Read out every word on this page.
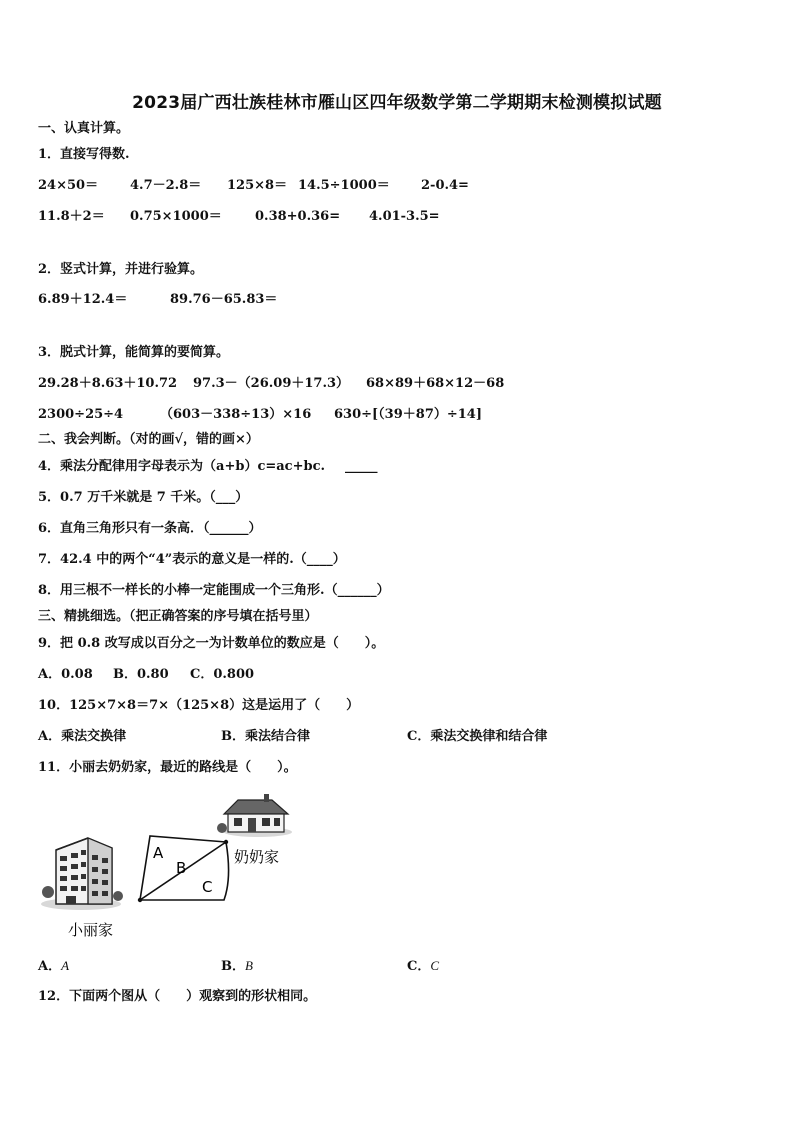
2023届广西壮族桂林市雁山区四年级数学第二学期期末检测模拟试题
一、认真计算。
1．直接写得数.
24×50＝ 4.7－2.8＝ 125×8＝ 14.5÷1000＝ 2-0.4=
11.8＋2＝ 0.75×1000＝	0.38+0.36= 4.01-3.5=
2．竖式计算，并进行验算。
6.89＋12.4＝	89.76－65.83＝
3．脱式计算，能简算的要简算。
29.28＋8.63＋10.72 97.3－（26.09＋17.3） 68×89＋68×12－68
2300÷25÷4	（603－338÷13）×16 630÷[（39＋87）÷14]
二、我会判断。（对的画√，错的画×）
4．乘法分配律用字母表示为（a+b）c=ac+bc. _____
5．0.7 万千米就是 7 千米。（___）
6．直角三角形只有一条高．（______）
7．42.4 中的两个“4”表示的意义是一样的.（____）
8．用三根不一样长的小棒一定能围成一个三角形.（______）
三、精挑细选。（把正确答案的序号填在括号里）
9．把 0.8 改写成以百分之一为计数单位的数应是（　　）。
A．0.08 B．0.80 C．0.800
10．125×7×8＝7×（125×8）这是运用了（　　）
A．乘法交换律	B．乘法结合律	C．乘法交换律和结合律
11．小丽去奶奶家，最近的路线是（　　）。
A
B
C
奶奶家
小丽家
A．A	B．B	C．C
12．下面两个图从（　　）观察到的形状相同。
